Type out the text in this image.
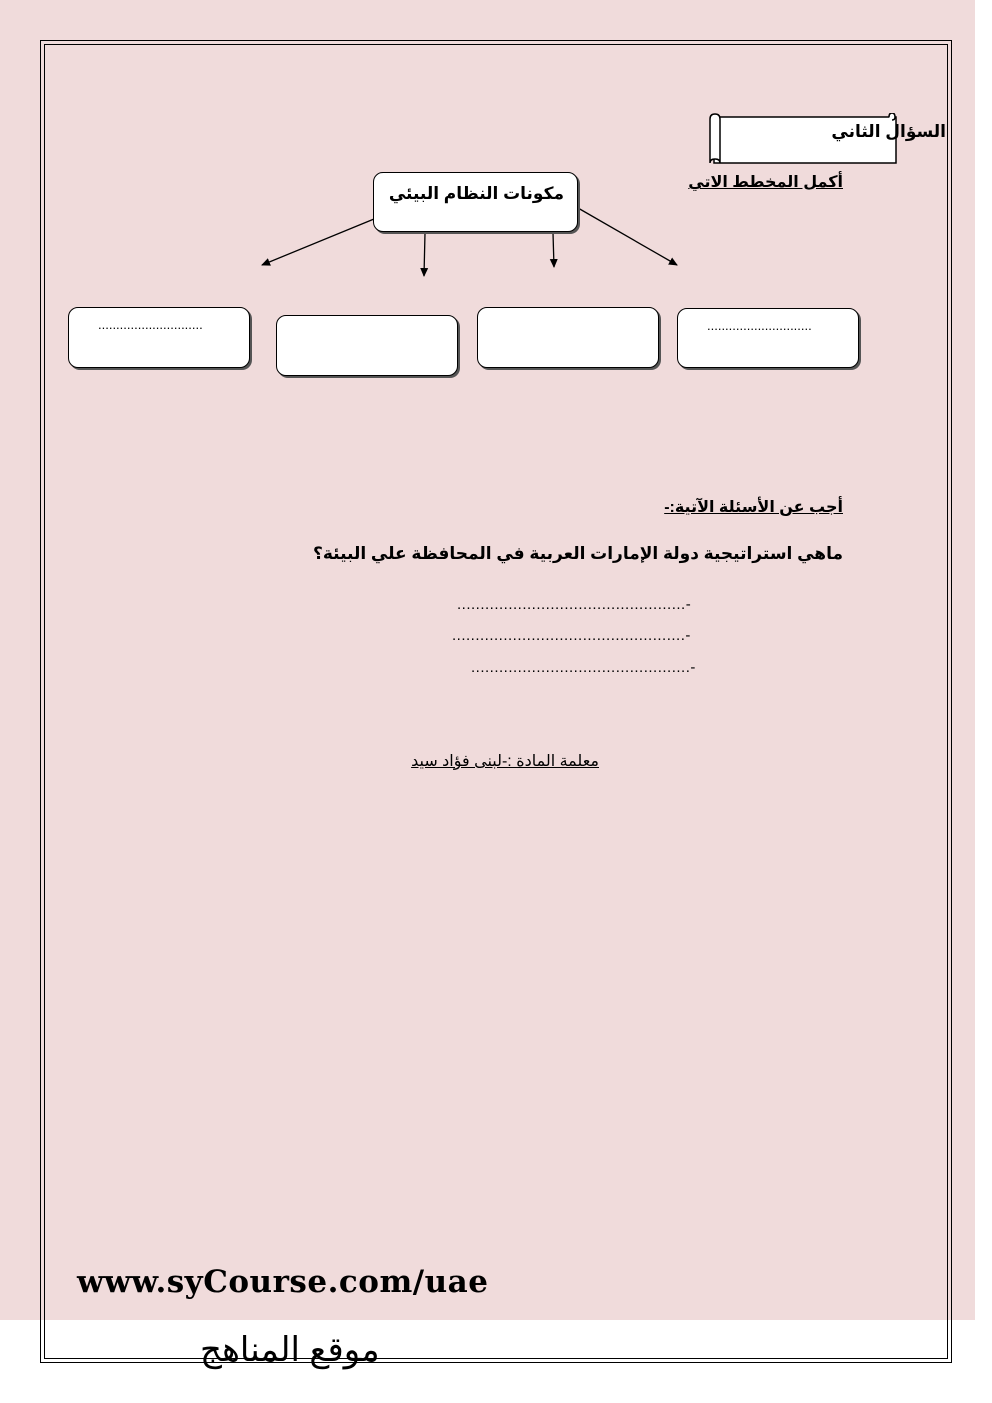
السؤال الثاني
أكمل المخطط الاتي
مكونات النظام البيئي
.............................
.............................
أجب عن الأسئلة الآتية:-
ماهي استراتيجية دولة الإمارات العربية في المحافظة علي البيئة؟
-.................................................
-..................................................
-...............................................
معلمة المادة :-لبنى فؤاد سيد
www.syCourse.com/uae
موقع المناهج
